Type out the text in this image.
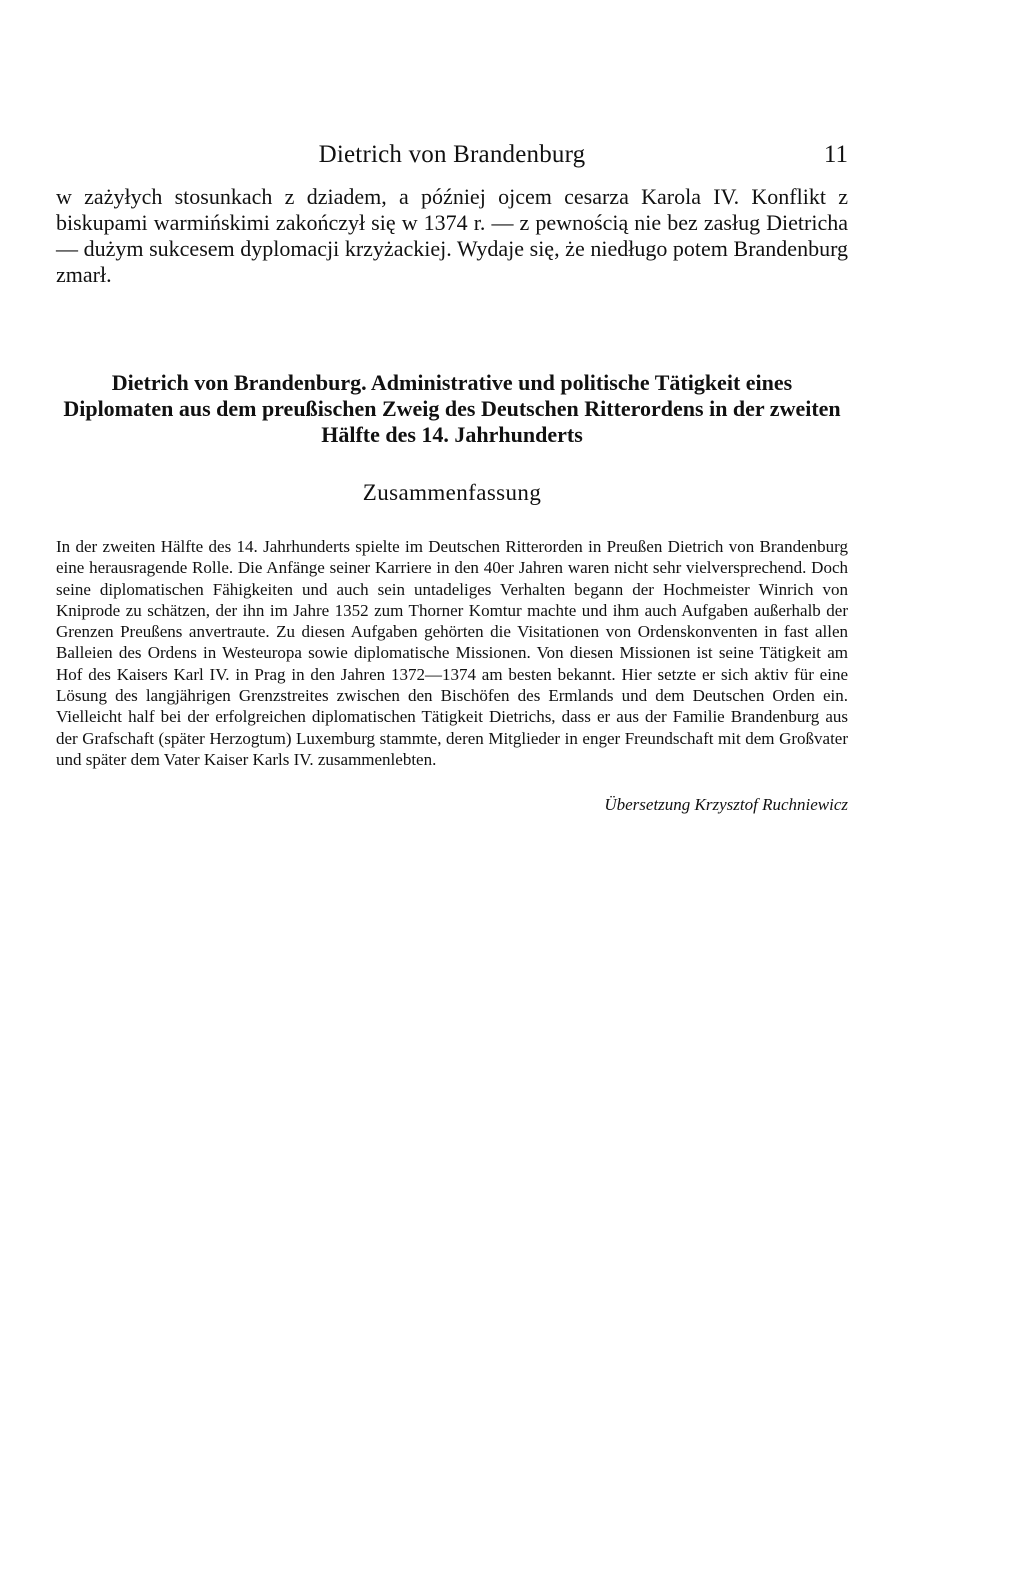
Dietrich von Brandenburg	11

w zażyłych stosunkach z dziadem, a później ojcem cesarza Karola IV. Konflikt z biskupami warmińskimi zakończył się w 1374 r. — z pewnością nie bez zasług Dietricha — dużym sukcesem dyplomacji krzyżackiej. Wydaje się, że niedługo potem Brandenburg zmarł.

Dietrich von Brandenburg. Administrative und politische Tätigkeit eines Diplomaten aus dem preußischen Zweig des Deutschen Ritterordens in der zweiten Hälfte des 14. Jahrhunderts

Zusammenfassung

In der zweiten Hälfte des 14. Jahrhunderts spielte im Deutschen Ritterorden in Preußen Dietrich von Brandenburg eine herausragende Rolle. Die Anfänge seiner Karriere in den 40er Jahren waren nicht sehr vielversprechend. Doch seine diplomatischen Fähigkeiten und auch sein untadeliges Verhalten begann der Hochmeister Winrich von Kniprode zu schätzen, der ihn im Jahre 1352 zum Thorner Komtur machte und ihm auch Aufgaben außerhalb der Grenzen Preußens anvertraute. Zu diesen Aufgaben gehörten die Visitationen von Ordenskonventen in fast allen Balleien des Ordens in Westeuropa sowie diplomatische Missionen. Von diesen Missionen ist seine Tätigkeit am Hof des Kaisers Karl IV. in Prag in den Jahren 1372—1374 am besten bekannt. Hier setzte er sich aktiv für eine Lösung des langjährigen Grenzstreites zwischen den Bischöfen des Ermlands und dem Deutschen Orden ein. Vielleicht half bei der erfolgreichen diplomatischen Tätigkeit Dietrichs, dass er aus der Familie Brandenburg aus der Grafschaft (später Herzogtum) Luxemburg stammte, deren Mitglieder in enger Freundschaft mit dem Großvater und später dem Vater Kaiser Karls IV. zusammenlebten.

Übersetzung Krzysztof Ruchniewicz
